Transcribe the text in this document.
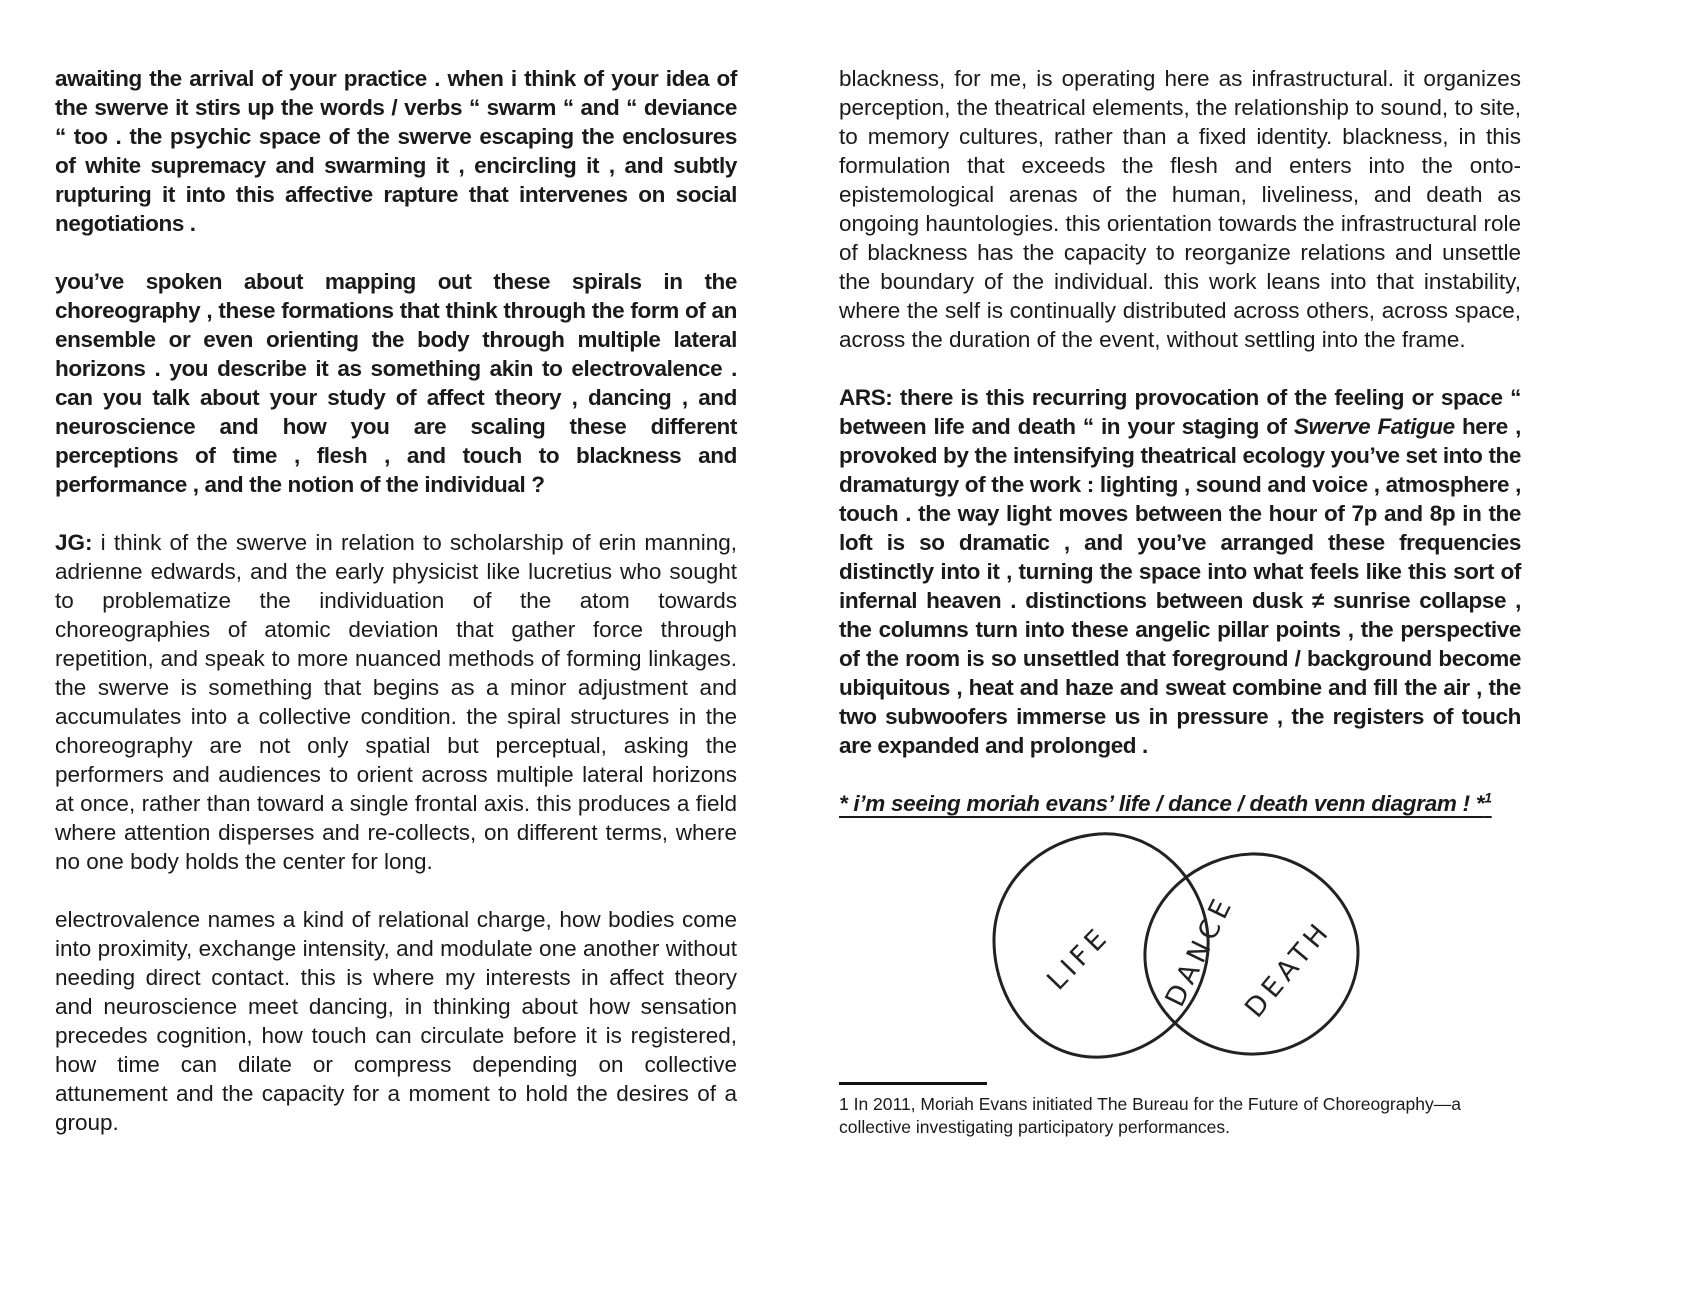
awaiting the arrival of your practice . when i think of your idea of the swerve it stirs up the words / verbs “ swarm “ and “ deviance “ too . the psychic space of the swerve escaping the enclosures of white supremacy and swarming it , encircling it , and subtly rupturing it into this affective rapture that intervenes on social negotiations .

you’ve spoken about mapping out these spirals in the choreography , these formations that think through the form of an ensemble or even orienting the body through multiple lateral horizons . you describe it as something akin to electrovalence . can you talk about your study of affect theory , dancing , and neuroscience and how you are scaling these different perceptions of time , flesh , and touch to blackness and performance , and the notion of the individual ?

JG: i think of the swerve in relation to scholarship of erin manning, adrienne edwards, and the early physicist like lucretius who sought to problematize the individuation of the atom towards choreographies of atomic deviation that gather force through repetition, and speak to more nuanced methods of forming linkages. the swerve is something that begins as a minor adjustment and accumulates into a collective condition. the spiral structures in the choreography are not only spatial but perceptual, asking the performers and audiences to orient across multiple lateral horizons at once, rather than toward a single frontal axis. this produces a field where attention disperses and re-collects, on different terms, where no one body holds the center for long.

electrovalence names a kind of relational charge, how bodies come into proximity, exchange intensity, and modulate one another without needing direct contact. this is where my interests in affect theory and neuroscience meet dancing, in thinking about how sensation precedes cognition, how touch can circulate before it is registered, how time can dilate or compress depending on collective attunement and the capacity for a moment to hold the desires of a group.

blackness, for me, is operating here as infrastructural. it organizes perception, the theatrical elements, the relationship to sound, to site, to memory cultures, rather than a fixed identity. blackness, in this formulation that exceeds the flesh and enters into the onto-epistemological arenas of the human, liveliness, and death as ongoing hauntologies. this orientation towards the infrastructural role of blackness has the capacity to reorganize relations and unsettle the boundary of the individual. this work leans into that instability, where the self is continually distributed across others, across space, across the duration of the event, without settling into the frame.

ARS: there is this recurring provocation of the feeling or space “ between life and death “ in your staging of Swerve Fatigue here , provoked by the intensifying theatrical ecology you’ve set into the dramaturgy of the work : lighting , sound and voice , atmosphere , touch . the way light moves between the hour of 7p and 8p in the loft is so dramatic , and you’ve arranged these frequencies distinctly into it , turning the space into what feels like this sort of infernal heaven . distinctions between dusk ≠ sunrise collapse , the columns turn into these angelic pillar points , the perspective of the room is so unsettled that foreground / background become ubiquitous , heat and haze and sweat combine and fill the air , the two subwoofers immerse us in pressure , the registers of touch are expanded and prolonged .

* i’m seeing moriah evans’ life / dance / death venn diagram ! *$^1$

LIFE DANCE DEATH

1 In 2011, Moriah Evans initiated The Bureau for the Future of Choreography—a collective investigating participatory performances.
